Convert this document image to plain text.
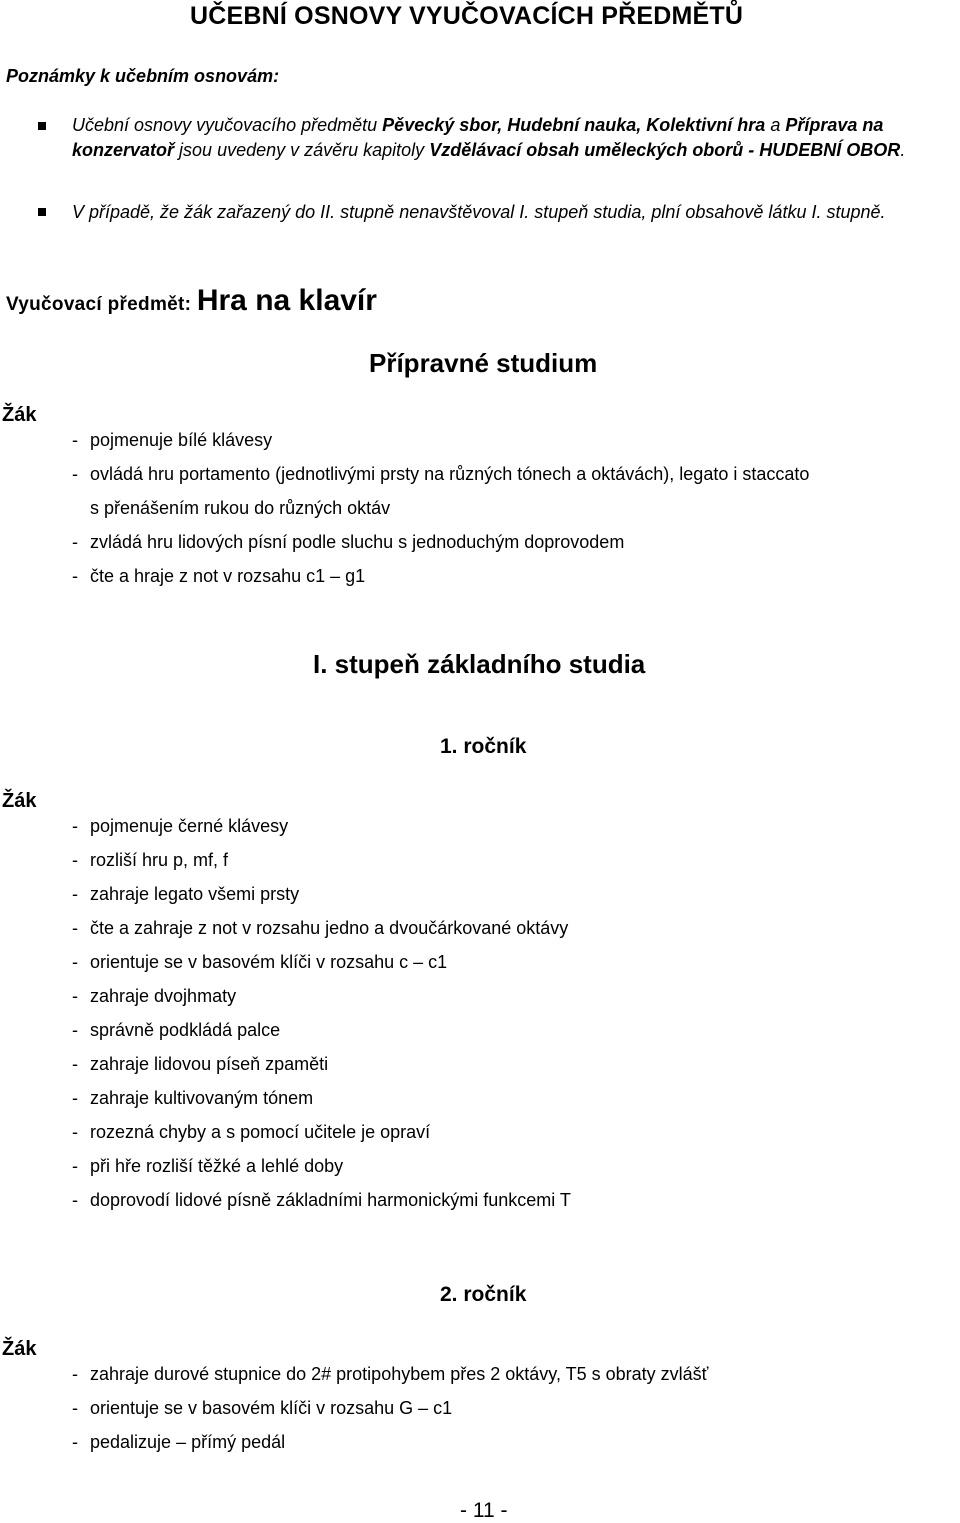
UČEBNÍ OSNOVY VYUČOVACÍCH PŘEDMĚTŮ
Poznámky k učebním osnovám:
Učební osnovy vyučovacího předmětu Pěvecký sbor, Hudební nauka, Kolektivní hra a Příprava na konzervatoř jsou uvedeny v závěru kapitoly Vzdělávací obsah uměleckých oborů - HUDEBNÍ OBOR.
V případě, že žák zařazený do II. stupně nenavštěvoval I. stupeň studia, plní obsahově látku I. stupně.
Vyučovací předmět: Hra na klavír
Přípravné studium
Žák
- pojmenuje bílé klávesy
- ovládá hru portamento (jednotlivými prsty na různých tónech a oktávách), legato i staccato
s přenášením rukou do různých oktáv
- zvládá hru lidových písní podle sluchu s jednoduchým doprovodem
- čte a hraje z not v rozsahu c1 – g1
I. stupeň základního studia
1. ročník
Žák
- pojmenuje černé klávesy
- rozliší hru p, mf, f
- zahraje legato všemi prsty
- čte a zahraje z not v rozsahu jedno a dvoučárkované oktávy
- orientuje se v basovém klíči v rozsahu c – c1
- zahraje dvojhmaty
- správně podkládá palce
- zahraje lidovou píseň zpaměti
- zahraje kultivovaným tónem
- rozezná chyby a s pomocí učitele je opraví
- při hře rozliší těžké a lehlé doby
- doprovodí lidové písně základními harmonickými funkcemi T
2. ročník
Žák
- zahraje durové stupnice do 2# protipohybem přes 2 oktávy, T5 s obraty zvlášť
- orientuje se v basovém klíči v rozsahu G – c1
- pedalizuje – přímý pedál
- 11 -
